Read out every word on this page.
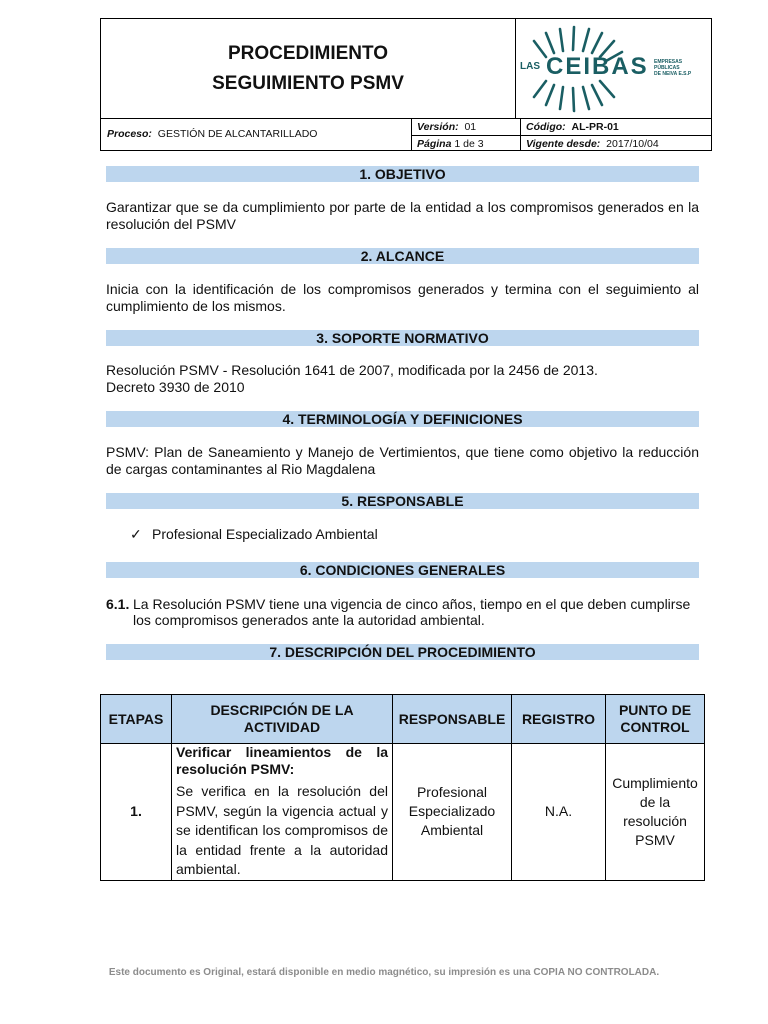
PROCEDIMIENTO
SEGUIMIENTO PSMV
LAS CEIBAS EMPRESAS
PÚBLICAS
DE NEIVA E.S.P
Proceso: GESTIÓN DE ALCANTARILLADO
Versión: 01
Página 1 de 3
Código: AL-PR-01
Vigente desde: 2017/10/04
1. OBJETIVO
Garantizar que se da cumplimiento por parte de la entidad a los compromisos generados en la resolución del PSMV
2. ALCANCE
Inicia con la identificación de los compromisos generados y termina con el seguimiento al cumplimiento de los mismos.
3. SOPORTE NORMATIVO
Resolución PSMV - Resolución 1641 de 2007, modificada por la 2456 de 2013.
Decreto 3930 de 2010
4. TERMINOLOGÍA Y DEFINICIONES
PSMV: Plan de Saneamiento y Manejo de Vertimientos, que tiene como objetivo la reducción de cargas contaminantes al Rio Magdalena
5. RESPONSABLE
✓ Profesional Especializado Ambiental
6. CONDICIONES GENERALES
6.1. La Resolución PSMV tiene una vigencia de cinco años, tiempo en el que deben cumplirse
los compromisos generados ante la autoridad ambiental.
7. DESCRIPCIÓN DEL PROCEDIMIENTO
ETAPAS	DESCRIPCIÓN DE LA ACTIVIDAD	RESPONSABLE	REGISTRO	PUNTO DE CONTROL
1.	Verificar lineamientos de la resolución PSMV:
Se verifica en la resolución del PSMV, según la vigencia actual y se identifican los compromisos de la entidad frente a la autoridad ambiental.	Profesional Especializado Ambiental	N.A.	Cumplimiento de la resolución PSMV
Este documento es Original, estará disponible en medio magnético, su impresión es una COPIA NO CONTROLADA.
